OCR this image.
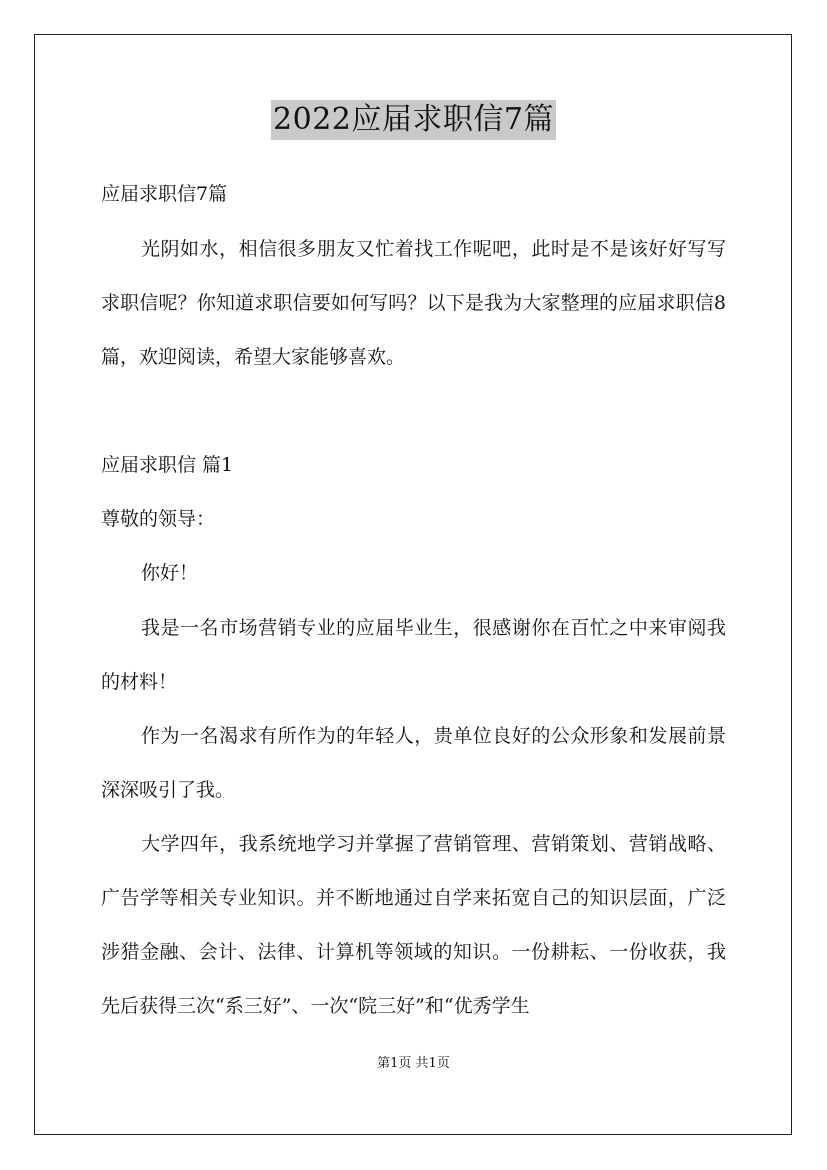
2022应届求职信7篇

应届求职信7篇

光阴如水，相信很多朋友又忙着找工作呢吧，此时是不是该好好写写求职信呢？你知道求职信要如何写吗？以下是我为大家整理的应届求职信8篇，欢迎阅读，希望大家能够喜欢。

应届求职信 篇1

尊敬的领导：

你好！

我是一名市场营销专业的应届毕业生，很感谢你在百忙之中来审阅我的材料！

作为一名渴求有所作为的年轻人，贵单位良好的公众形象和发展前景深深吸引了我。

大学四年，我系统地学习并掌握了营销管理、营销策划、营销战略、广告学等相关专业知识。并不断地通过自学来拓宽自己的知识层面，广泛涉猎金融、会计、法律、计算机等领域的知识。一份耕耘、一份收获，我先后获得三次“系三好”、一次“院三好”和“优秀学生

第1页 共1页
